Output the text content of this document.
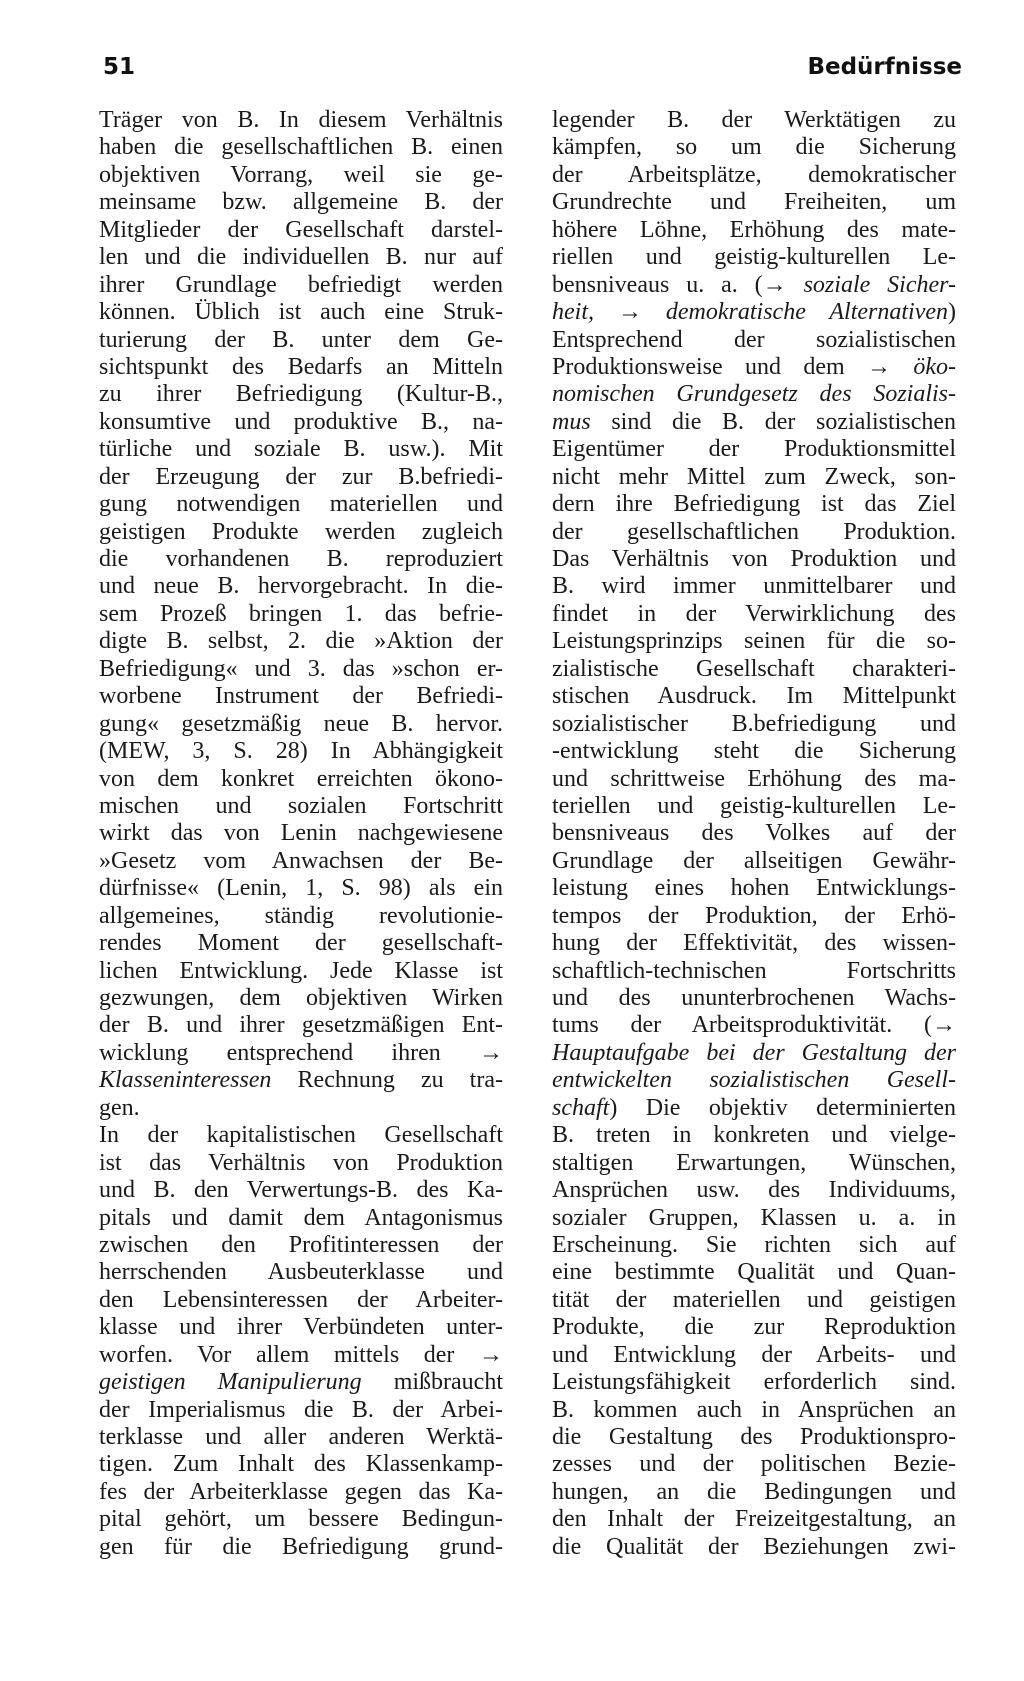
51	Bedürfnisse
Träger von B. In diesem Verhältnis
haben die gesellschaftlichen B. einen
objektiven Vorrang, weil sie ge-
meinsame bzw. allgemeine B. der
Mitglieder der Gesellschaft darstel-
len und die individuellen B. nur auf
ihrer Grundlage befriedigt werden
können. Üblich ist auch eine Struk-
turierung der B. unter dem Ge-
sichtspunkt des Bedarfs an Mitteln
zu ihrer Befriedigung (Kultur-B.,
konsumtive und produktive B., na-
türliche und soziale B. usw.). Mit
der Erzeugung der zur B.befriedi-
gung notwendigen materiellen und
geistigen Produkte werden zugleich
die vorhandenen B. reproduziert
und neue B. hervorgebracht. In die-
sem Prozeß bringen 1. das befrie-
digte B. selbst, 2. die »Aktion der
Befriedigung« und 3. das »schon er-
worbene Instrument der Befriedi-
gung« gesetzmäßig neue B. hervor.
(MEW, 3, S. 28) In Abhängigkeit
von dem konkret erreichten ökono-
mischen und sozialen Fortschritt
wirkt das von Lenin nachgewiesene
»Gesetz vom Anwachsen der Be-
dürfnisse« (Lenin, 1, S. 98) als ein
allgemeines, ständig revolutionie-
rendes Moment der gesellschaft-
lichen Entwicklung. Jede Klasse ist
gezwungen, dem objektiven Wirken
der B. und ihrer gesetzmäßigen Ent-
wicklung entsprechend ihren →
Klasseninteressen Rechnung zu tra-
gen.
In der kapitalistischen Gesellschaft
ist das Verhältnis von Produktion
und B. den Verwertungs-B. des Ka-
pitals und damit dem Antagonismus
zwischen den Profitinteressen der
herrschenden Ausbeuterklasse und
den Lebensinteressen der Arbeiter-
klasse und ihrer Verbündeten unter-
worfen. Vor allem mittels der →
geistigen Manipulierung mißbraucht
der Imperialismus die B. der Arbei-
terklasse und aller anderen Werktä-
tigen. Zum Inhalt des Klassenkamp-
fes der Arbeiterklasse gegen das Ka-
pital gehört, um bessere Bedingun-
gen für die Befriedigung grund-
legender B. der Werktätigen zu
kämpfen, so um die Sicherung
der Arbeitsplätze, demokratischer
Grundrechte und Freiheiten, um
höhere Löhne, Erhöhung des mate-
riellen und geistig-kulturellen Le-
bensniveaus u. a. (→ soziale Sicher-
heit, → demokratische Alternativen)
Entsprechend der sozialistischen
Produktionsweise und dem → öko-
nomischen Grundgesetz des Sozialis-
mus sind die B. der sozialistischen
Eigentümer der Produktionsmittel
nicht mehr Mittel zum Zweck, son-
dern ihre Befriedigung ist das Ziel
der gesellschaftlichen Produktion.
Das Verhältnis von Produktion und
B. wird immer unmittelbarer und
findet in der Verwirklichung des
Leistungsprinzips seinen für die so-
zialistische Gesellschaft charakteri-
stischen Ausdruck. Im Mittelpunkt
sozialistischer B.befriedigung und
-entwicklung steht die Sicherung
und schrittweise Erhöhung des ma-
teriellen und geistig-kulturellen Le-
bensniveaus des Volkes auf der
Grundlage der allseitigen Gewähr-
leistung eines hohen Entwicklungs-
tempos der Produktion, der Erhö-
hung der Effektivität, des wissen-
schaftlich-technischen Fortschritts
und des ununterbrochenen Wachs-
tums der Arbeitsproduktivität. (→
Hauptaufgabe bei der Gestaltung der
entwickelten sozialistischen Gesell-
schaft) Die objektiv determinierten
B. treten in konkreten und vielge-
staltigen Erwartungen, Wünschen,
Ansprüchen usw. des Individuums,
sozialer Gruppen, Klassen u. a. in
Erscheinung. Sie richten sich auf
eine bestimmte Qualität und Quan-
tität der materiellen und geistigen
Produkte, die zur Reproduktion
und Entwicklung der Arbeits- und
Leistungsfähigkeit erforderlich sind.
B. kommen auch in Ansprüchen an
die Gestaltung des Produktionspro-
zesses und der politischen Bezie-
hungen, an die Bedingungen und
den Inhalt der Freizeitgestaltung, an
die Qualität der Beziehungen zwi-
